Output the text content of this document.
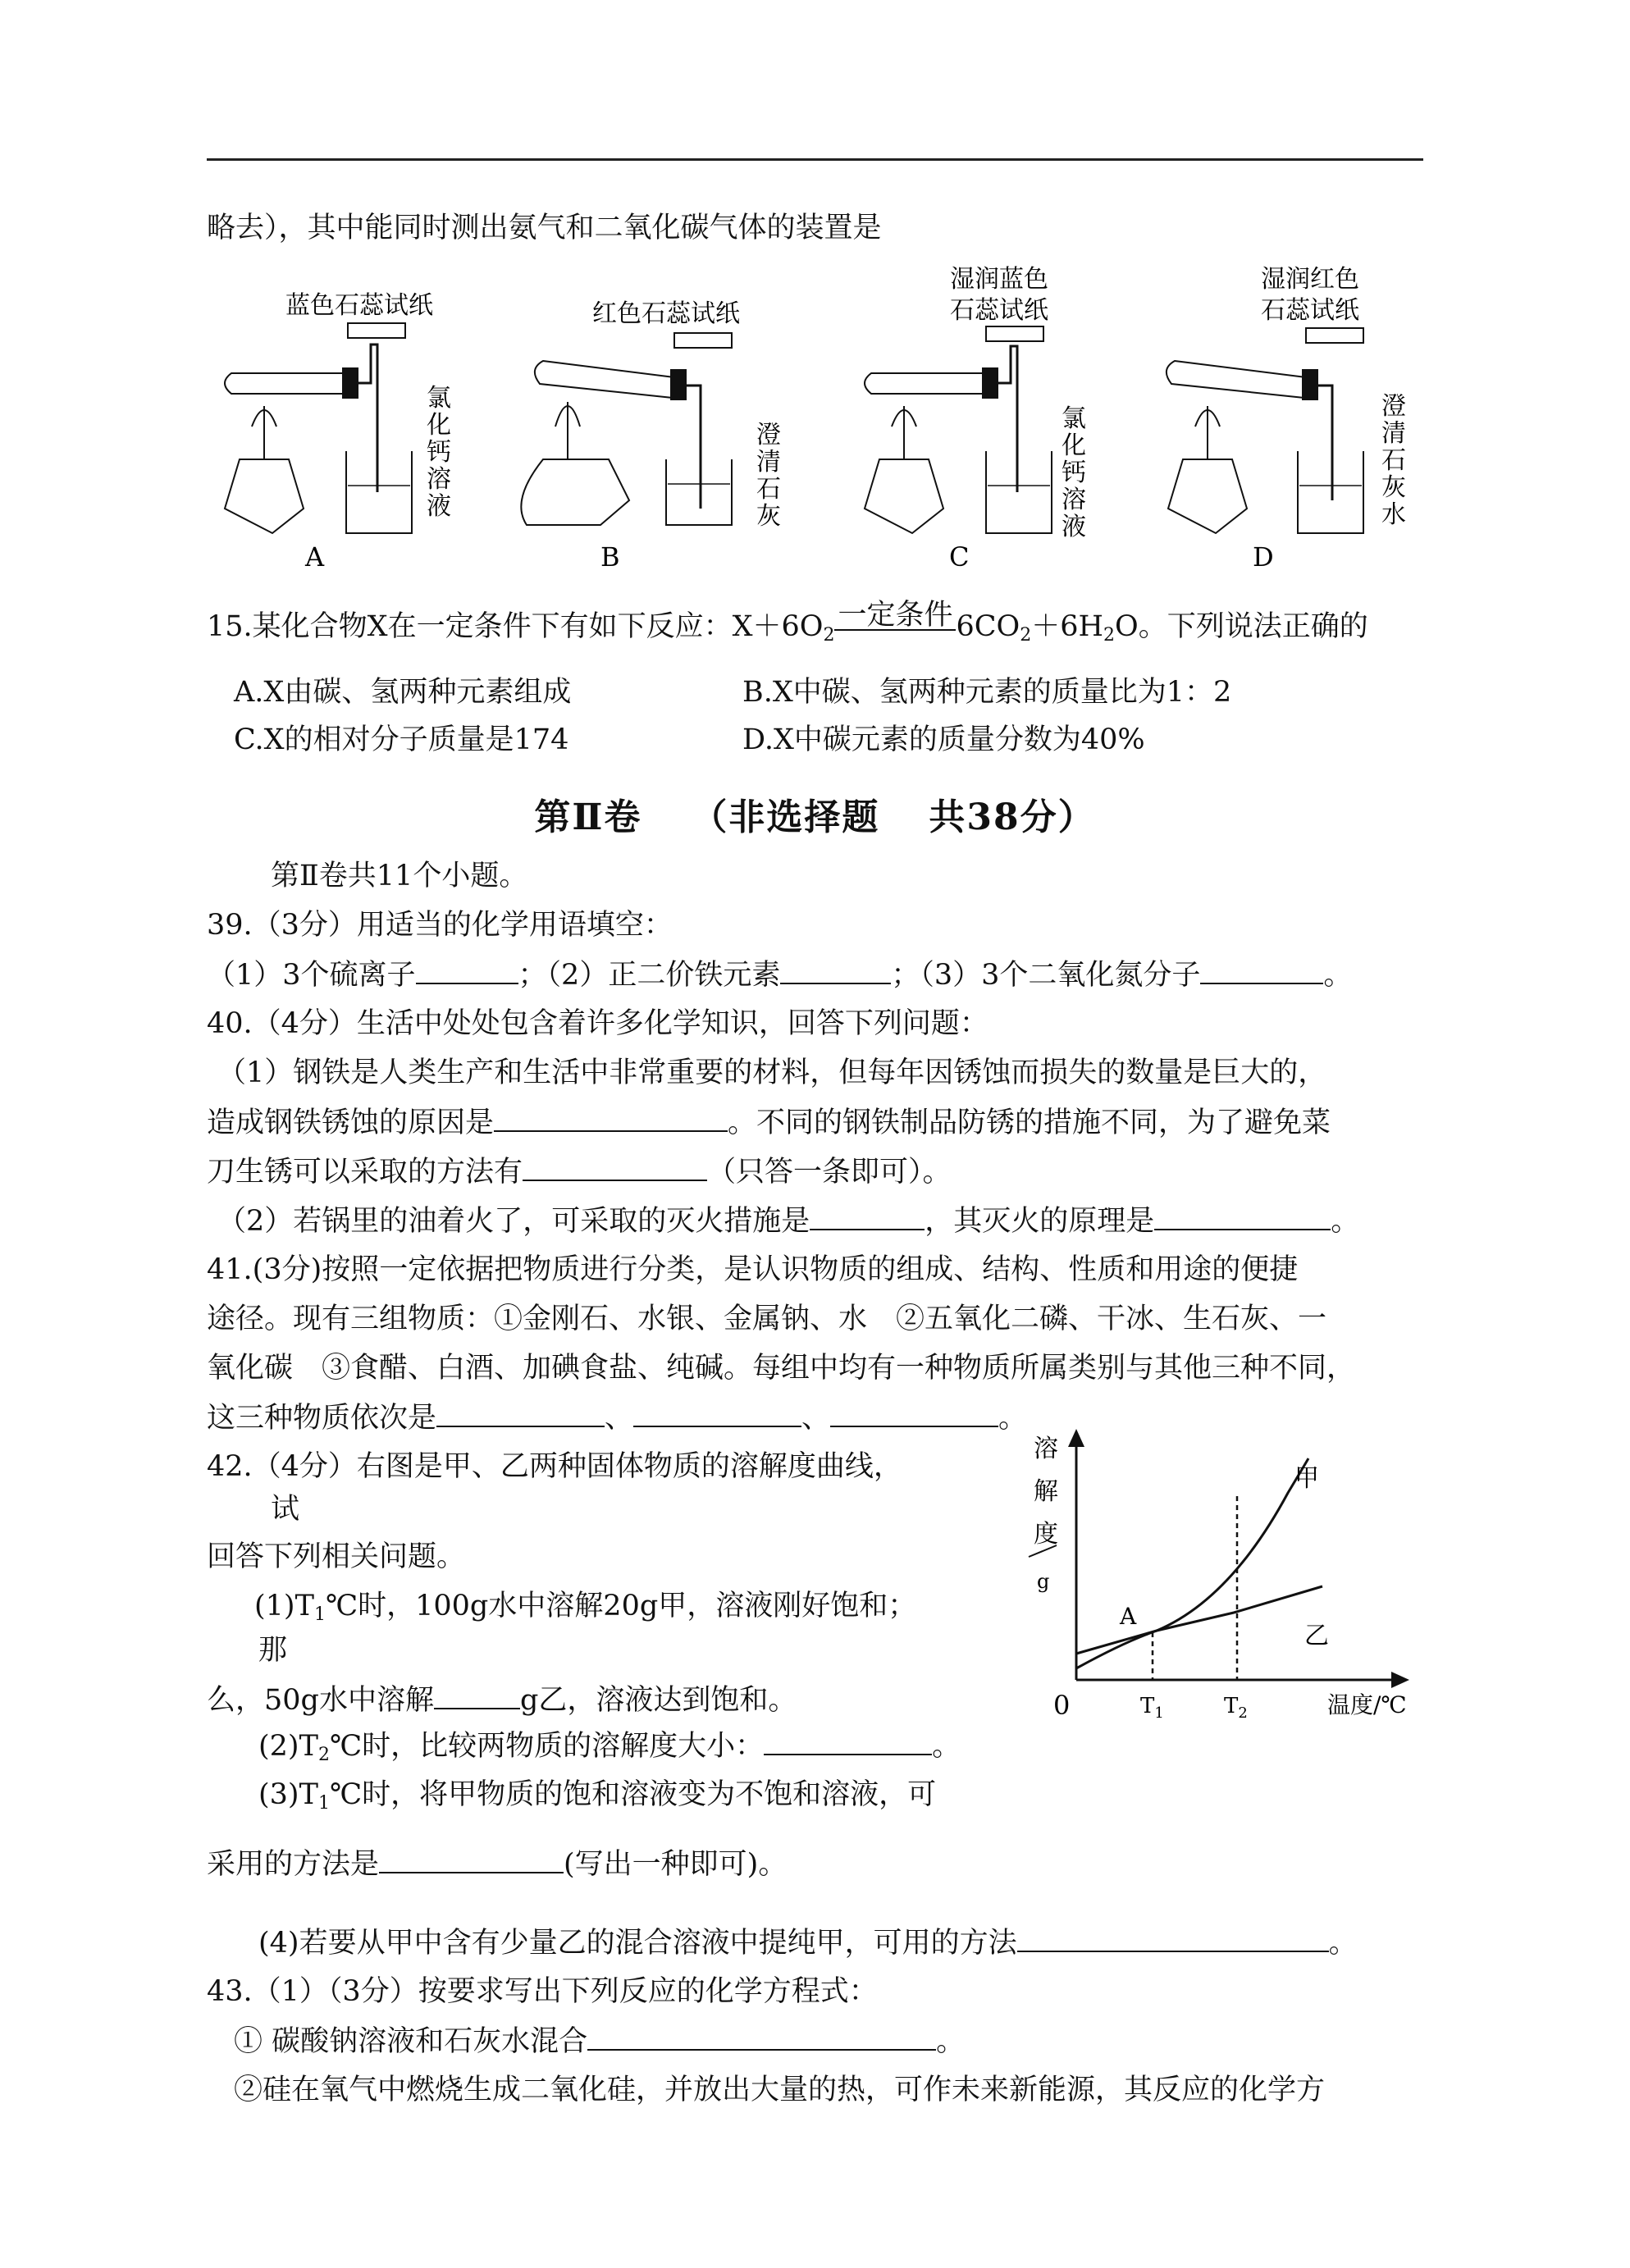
略去），其中能同时测出氨气和二氧化碳气体的装置是
蓝色石蕊试纸
氯
化
钙
溶
液
A
红色石蕊试纸
澄
清
石
灰
B
湿润蓝色
石蕊试纸
氯
化
钙
溶
液
C
湿润红色
石蕊试纸
澄
清
石
灰
水
D
15.某化合物X在一定条件下有如下反应：$X+6O_2$一定条件 $6CO_2+6H_2O$。下列说法正确的
A.X由碳、氢两种元素组成	B.X中碳、氢两种元素的质量比为1：2
C.X的相对分子质量是174	D.X中碳元素的质量分数为40%
第Ⅱ卷 （非选择题 共38分）
第Ⅱ卷共11个小题。
39.（3分）用适当的化学用语填空：
（1）3个硫离子	；（2）正二价铁元素	；（3）3个二氧化氮分子	。
40.（4分）生活中处处包含着许多化学知识，回答下列问题：
（1）钢铁是人类生产和生活中非常重要的材料，但每年因锈蚀而损失的数量是巨大的，
造成钢铁锈蚀的原因是	。不同的钢铁制品防锈的措施不同，为了避免菜
刀生锈可以采取的方法有	（只答一条即可）。
（2）若锅里的油着火了，可采取的灭火措施是	，其灭火的原理是	。
41.(3分)按照一定依据把物质进行分类，是认识物质的组成、结构、性质和用途的便捷
途径。现有三组物质：①金刚石、水银、金属钠、水　②五氧化二磷、干冰、生石灰、一
氧化碳　③食醋、白酒、加碘食盐、纯碱。每组中均有一种物质所属类别与其他三种不同，
这三种物质依次是	、	、	。
42.（4分）右图是甲、乙两种固体物质的溶解度曲线，
试
回答下列相关问题。
$(1)T_1℃$时，100g水中溶解20g甲，溶液刚好饱和；
那
么，50g水中溶解	g乙，溶液达到饱和。
$(2)T_2℃$时，比较两物质的溶解度大小：	。
$(3)T_1℃$时，将甲物质的饱和溶液变为不饱和溶液，可
采用的方法是	(写出一种即可)。
(4)若要从甲中含有少量乙的混合溶液中提纯甲，可用的方法	。
溶
解
度
g
A
甲
乙
0	$T_1$	$T_2$	温度/℃
43.（1）（3分）按要求写出下列反应的化学方程式：
① 碳酸钠溶液和石灰水混合	。
②硅在氧气中燃烧生成二氧化硅，并放出大量的热，可作未来新能源，其反应的化学方
